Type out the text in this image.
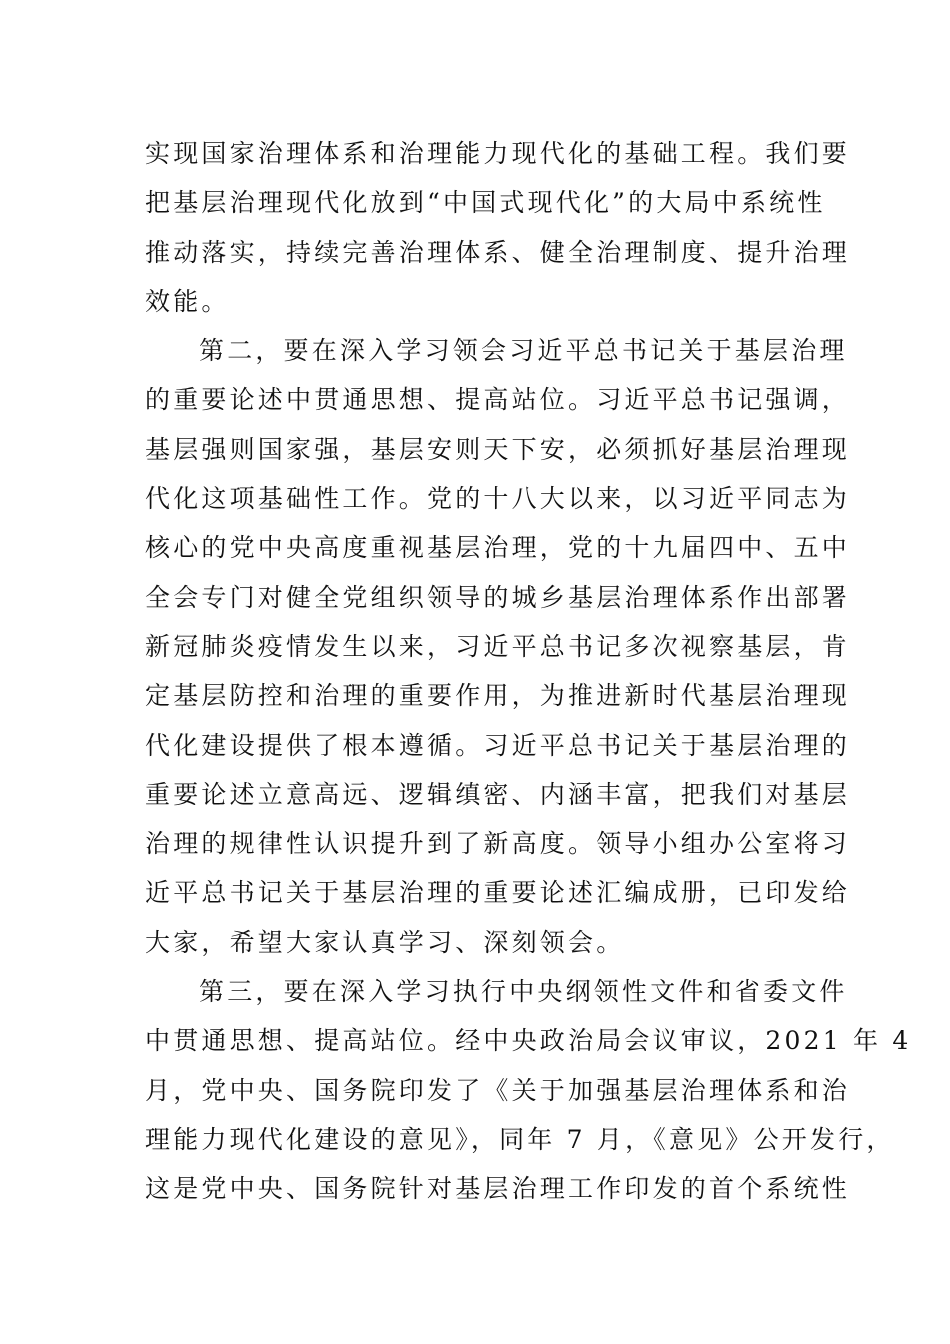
实现国家治理体系和治理能力现代化的基础工程。我们要
把基层治理现代化放到“中国式现代化”的大局中系统性
推动落实，持续完善治理体系、健全治理制度、提升治理
效能。
第二，要在深入学习领会习近平总书记关于基层治理
的重要论述中贯通思想、提高站位。习近平总书记强调，
基层强则国家强，基层安则天下安，必须抓好基层治理现
代化这项基础性工作。党的十八大以来，以习近平同志为
核心的党中央高度重视基层治理，党的十九届四中、五中
全会专门对健全党组织领导的城乡基层治理体系作出部署
新冠肺炎疫情发生以来，习近平总书记多次视察基层，肯
定基层防控和治理的重要作用，为推进新时代基层治理现
代化建设提供了根本遵循。习近平总书记关于基层治理的
重要论述立意高远、逻辑缜密、内涵丰富，把我们对基层
治理的规律性认识提升到了新高度。领导小组办公室将习
近平总书记关于基层治理的重要论述汇编成册，已印发给
大家，希望大家认真学习、深刻领会。
第三，要在深入学习执行中央纲领性文件和省委文件
中贯通思想、提高站位。经中央政治局会议审议，2021 年 4
月，党中央、国务院印发了《关于加强基层治理体系和治
理能力现代化建设的意见》，同年 7 月，《意见》公开发行，
这是党中央、国务院针对基层治理工作印发的首个系统性
